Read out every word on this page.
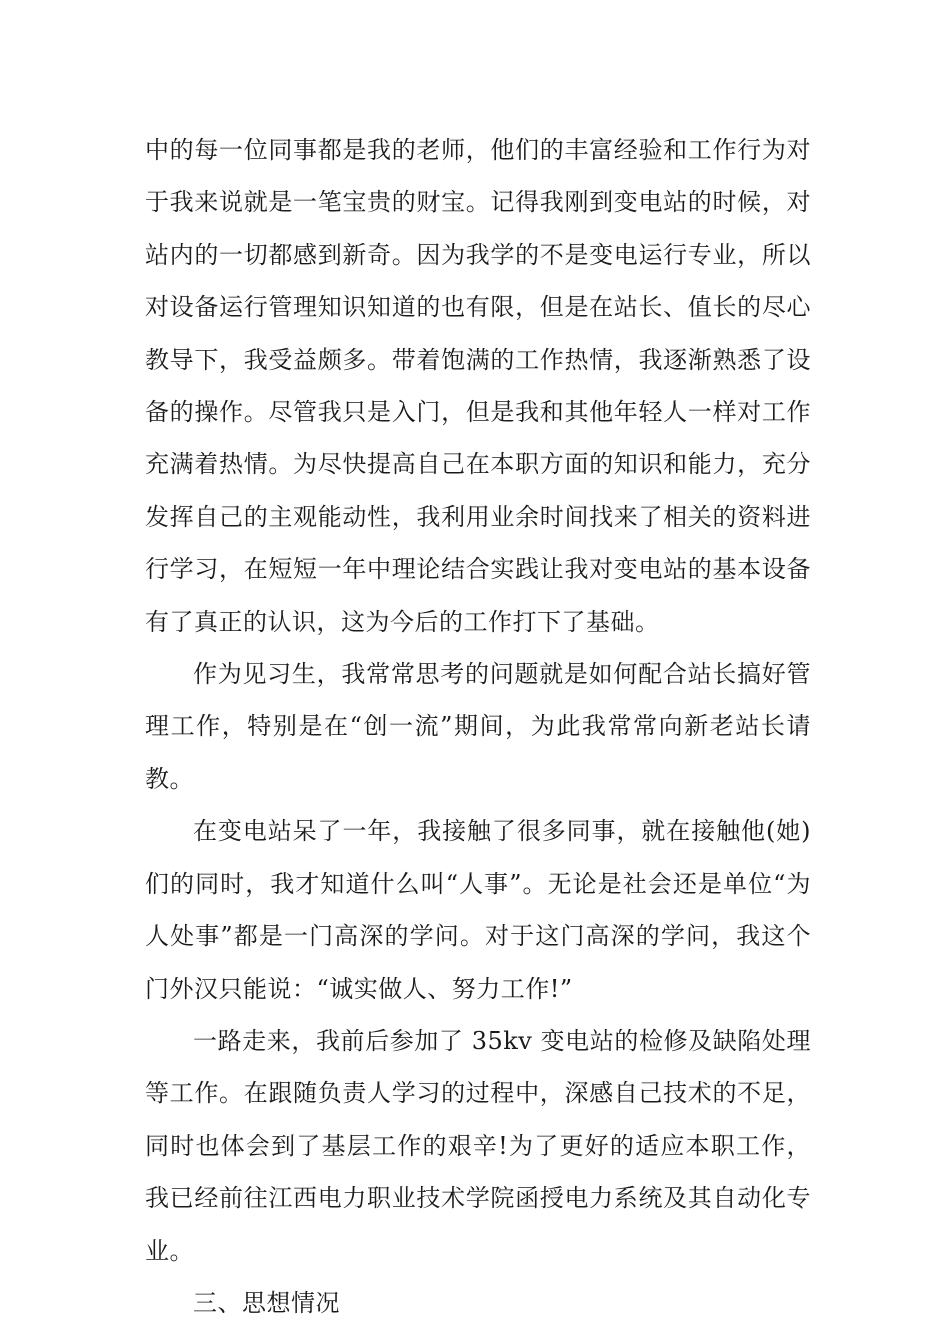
中的每一位同事都是我的老师，他们的丰富经验和工作行为对于我来说就是一笔宝贵的财宝。记得我刚到变电站的时候，对站内的一切都感到新奇。因为我学的不是变电运行专业，所以对设备运行管理知识知道的也有限，但是在站长、值长的尽心教导下，我受益颇多。带着饱满的工作热情，我逐渐熟悉了设备的操作。尽管我只是入门，但是我和其他年轻人一样对工作充满着热情。为尽快提高自己在本职方面的知识和能力，充分发挥自己的主观能动性，我利用业余时间找来了相关的资料进行学习，在短短一年中理论结合实践让我对变电站的基本设备有了真正的认识，这为今后的工作打下了基础。

作为见习生，我常常思考的问题就是如何配合站长搞好管理工作，特别是在“创一流”期间，为此我常常向新老站长请教。

在变电站呆了一年，我接触了很多同事，就在接触他(她)们的同时，我才知道什么叫“人事”。无论是社会还是单位“为人处事”都是一门高深的学问。对于这门高深的学问，我这个门外汉只能说：“诚实做人、努力工作!”

一路走来，我前后参加了 35kv 变电站的检修及缺陷处理等工作。在跟随负责人学习的过程中，深感自己技术的不足，同时也体会到了基层工作的艰辛!为了更好的适应本职工作，我已经前往江西电力职业技术学院函授电力系统及其自动化专业。

三、思想情况
